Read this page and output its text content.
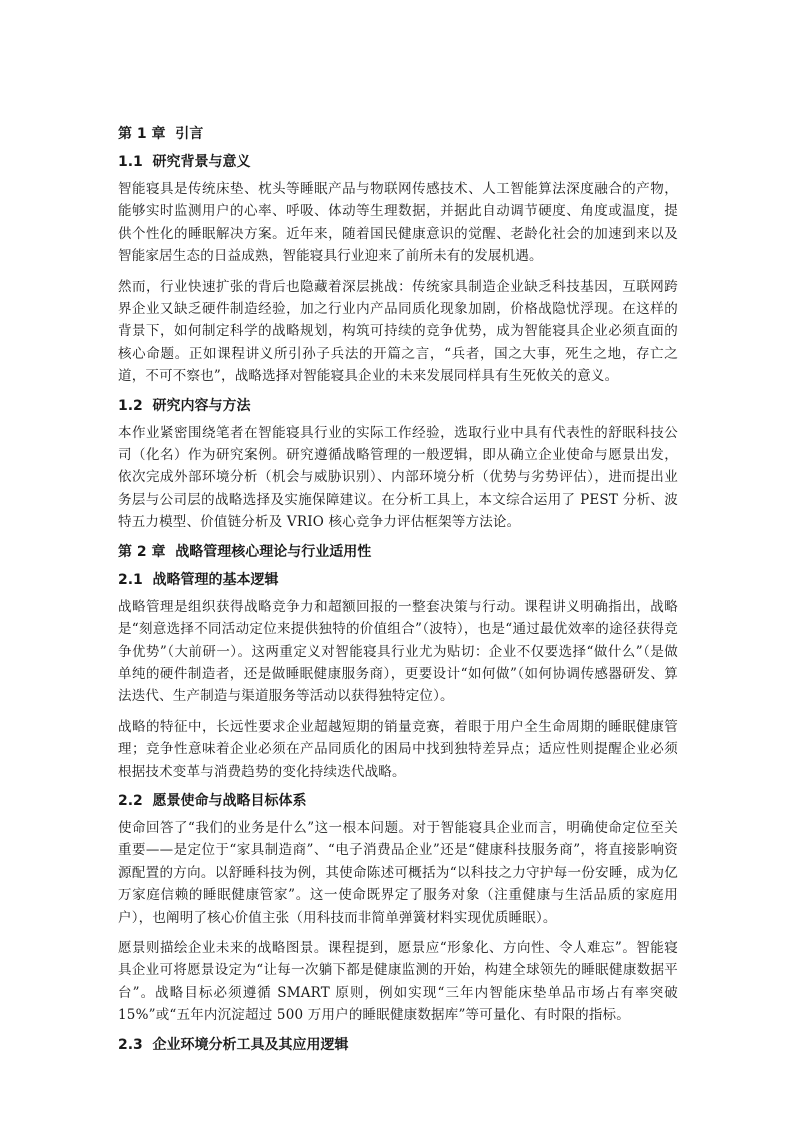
第 1 章  引言
1.1  研究背景与意义
智能寝具是传统床垫、枕头等睡眠产品与物联网传感技术、人工智能算法深度融合的产物，能够实时监测用户的心率、呼吸、体动等生理数据，并据此自动调节硬度、角度或温度，提供个性化的睡眠解决方案。近年来，随着国民健康意识的觉醒、老龄化社会的加速到来以及智能家居生态的日益成熟，智能寝具行业迎来了前所未有的发展机遇。
然而，行业快速扩张的背后也隐藏着深层挑战：传统家具制造企业缺乏科技基因，互联网跨界企业又缺乏硬件制造经验，加之行业内产品同质化现象加剧，价格战隐忧浮现。在这样的背景下，如何制定科学的战略规划，构筑可持续的竞争优势，成为智能寝具企业必须直面的核心命题。正如课程讲义所引孙子兵法的开篇之言，“兵者，国之大事，死生之地，存亡之道，不可不察也”，战略选择对智能寝具企业的未来发展同样具有生死攸关的意义。
1.2  研究内容与方法
本作业紧密围绕笔者在智能寝具行业的实际工作经验，选取行业中具有代表性的舒眠科技公司（化名）作为研究案例。研究遵循战略管理的一般逻辑，即从确立企业使命与愿景出发，依次完成外部环境分析（机会与威胁识别）、内部环境分析（优势与劣势评估），进而提出业务层与公司层的战略选择及实施保障建议。在分析工具上，本文综合运用了 PEST 分析、波特五力模型、价值链分析及 VRIO 核心竞争力评估框架等方法论。
第 2 章  战略管理核心理论与行业适用性
2.1  战略管理的基本逻辑
战略管理是组织获得战略竞争力和超额回报的一整套决策与行动。课程讲义明确指出，战略是“刻意选择不同活动定位来提供独特的价值组合”（波特），也是“通过最优效率的途径获得竞争优势”（大前研一）。这两重定义对智能寝具行业尤为贴切：企业不仅要选择“做什么”（是做单纯的硬件制造者，还是做睡眠健康服务商），更要设计“如何做”（如何协调传感器研发、算法迭代、生产制造与渠道服务等活动以获得独特定位）。
战略的特征中，长远性要求企业超越短期的销量竞赛，着眼于用户全生命周期的睡眠健康管理；竞争性意味着企业必须在产品同质化的困局中找到独特差异点；适应性则提醒企业必须根据技术变革与消费趋势的变化持续迭代战略。
2.2  愿景使命与战略目标体系
使命回答了“我们的业务是什么”这一根本问题。对于智能寝具企业而言，明确使命定位至关重要——是定位于“家具制造商”、“电子消费品企业”还是“健康科技服务商”，将直接影响资源配置的方向。以舒睡科技为例，其使命陈述可概括为“以科技之力守护每一份安睡，成为亿万家庭信赖的睡眠健康管家”。这一使命既界定了服务对象（注重健康与生活品质的家庭用户），也阐明了核心价值主张（用科技而非简单弹簧材料实现优质睡眠）。
愿景则描绘企业未来的战略图景。课程提到，愿景应“形象化、方向性、令人难忘”。智能寝具企业可将愿景设定为“让每一次躺下都是健康监测的开始，构建全球领先的睡眠健康数据平台”。战略目标必须遵循 SMART 原则，例如实现“三年内智能床垫单品市场占有率突破 15%”或“五年内沉淀超过 500 万用户的睡眠健康数据库”等可量化、有时限的指标。
2.3  企业环境分析工具及其应用逻辑
